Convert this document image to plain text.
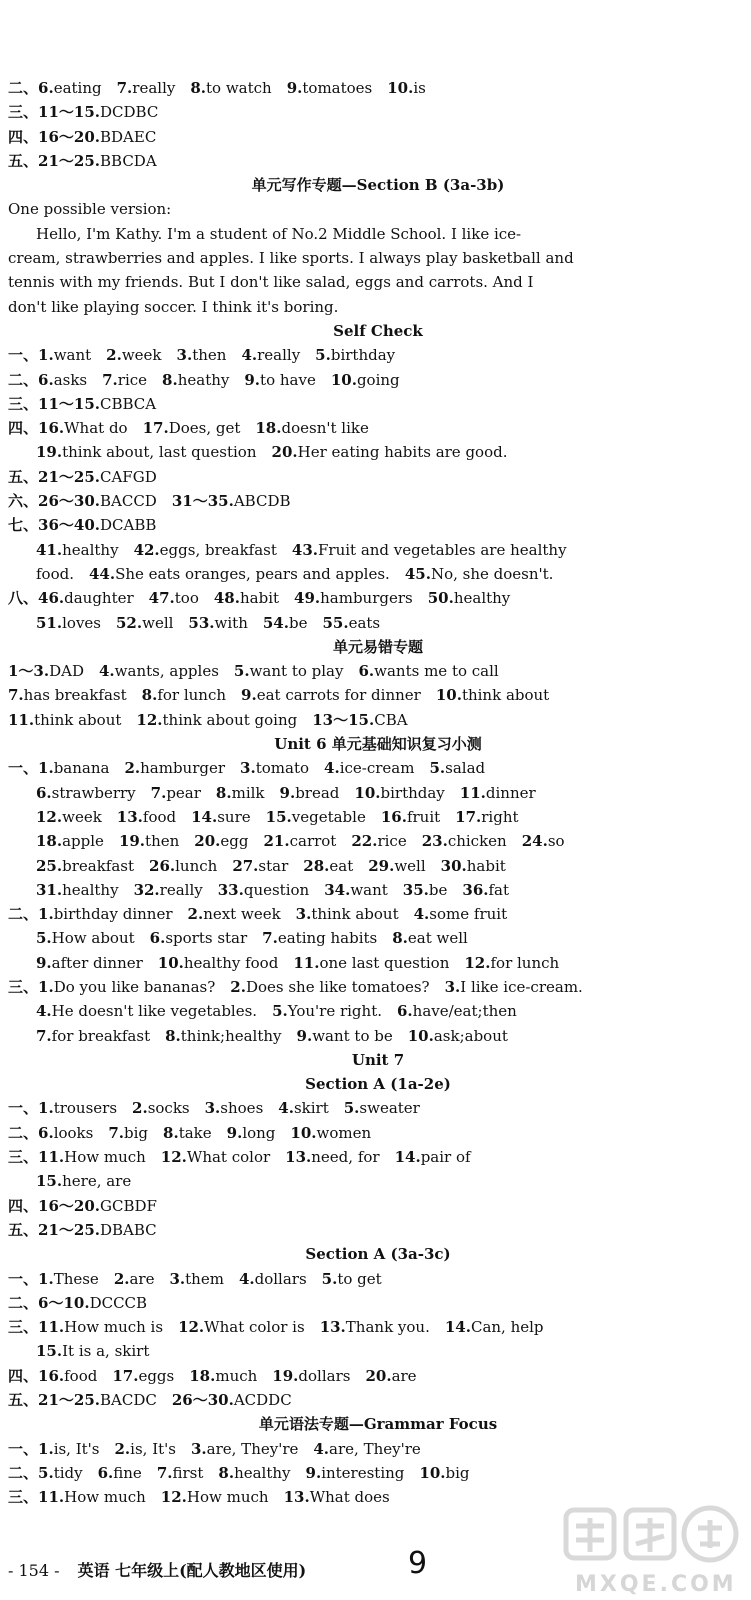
二、6.eating  7.really  8.to watch  9.tomatoes  10.is
三、11～15.DCDBC
四、16～20.BDAEC
五、21～25.BBCDA
单元写作专题—Section B (3a-3b)
One possible version:
Hello, I'm Kathy. I'm a student of No.2 Middle School. I like ice-
cream, strawberries and apples. I like sports. I always play basketball and
tennis with my friends. But I don't like salad, eggs and carrots. And I
don't like playing soccer. I think it's boring.
Self Check
一、1.want  2.week  3.then  4.really  5.birthday
二、6.asks  7.rice  8.heathy  9.to have  10.going
三、11～15.CBBCA
四、16.What do  17.Does, get  18.doesn't like
19.think about, last question  20.Her eating habits are good.
五、21～25.CAFGD
六、26～30.BACCD  31～35.ABCDB
七、36～40.DCABB
41.healthy  42.eggs, breakfast  43.Fruit and vegetables are healthy
food.  44.She eats oranges, pears and apples.  45.No, she doesn't.
八、46.daughter  47.too  48.habit  49.hamburgers  50.healthy
51.loves  52.well  53.with  54.be  55.eats
单元易错专题
1～3.DAD  4.wants, apples  5.want to play  6.wants me to call
7.has breakfast  8.for lunch  9.eat carrots for dinner  10.think about
11.think about  12.think about going  13～15.CBA
Unit 6 单元基础知识复习小测
一、1.banana  2.hamburger  3.tomato  4.ice-cream  5.salad
6.strawberry  7.pear  8.milk  9.bread  10.birthday  11.dinner
12.week  13.food  14.sure  15.vegetable  16.fruit  17.right
18.apple  19.then  20.egg  21.carrot  22.rice  23.chicken  24.so
25.breakfast  26.lunch  27.star  28.eat  29.well  30.habit
31.healthy  32.really  33.question  34.want  35.be  36.fat
二、1.birthday dinner  2.next week  3.think about  4.some fruit
5.How about  6.sports star  7.eating habits  8.eat well
9.after dinner  10.healthy food  11.one last question  12.for lunch
三、1.Do you like bananas?  2.Does she like tomatoes?  3.I like ice-cream.
4.He doesn't like vegetables.  5.You're right.  6.have/eat;then
7.for breakfast  8.think;healthy  9.want to be  10.ask;about
Unit 7
Section A (1a-2e)
一、1.trousers  2.socks  3.shoes  4.skirt  5.sweater
二、6.looks  7.big  8.take  9.long  10.women
三、11.How much  12.What color  13.need, for  14.pair of
15.here, are
四、16～20.GCBDF
五、21～25.DBABC
Section A (3a-3c)
一、1.These  2.are  3.them  4.dollars  5.to get
二、6～10.DCCCB
三、11.How much is  12.What color is  13.Thank you.  14.Can, help
15.It is a, skirt
四、16.food  17.eggs  18.much  19.dollars  20.are
五、21～25.BACDC  26～30.ACDDC
单元语法专题—Grammar Focus
一、1.is, It's  2.is, It's  3.are, They're  4.are, They're
二、5.tidy  6.fine  7.first  8.healthy  9.interesting  10.big
三、11.How much  12.How much  13.What does
- 154 - 英语 七年级上(配人教地区使用)	9
MXQE.COM
